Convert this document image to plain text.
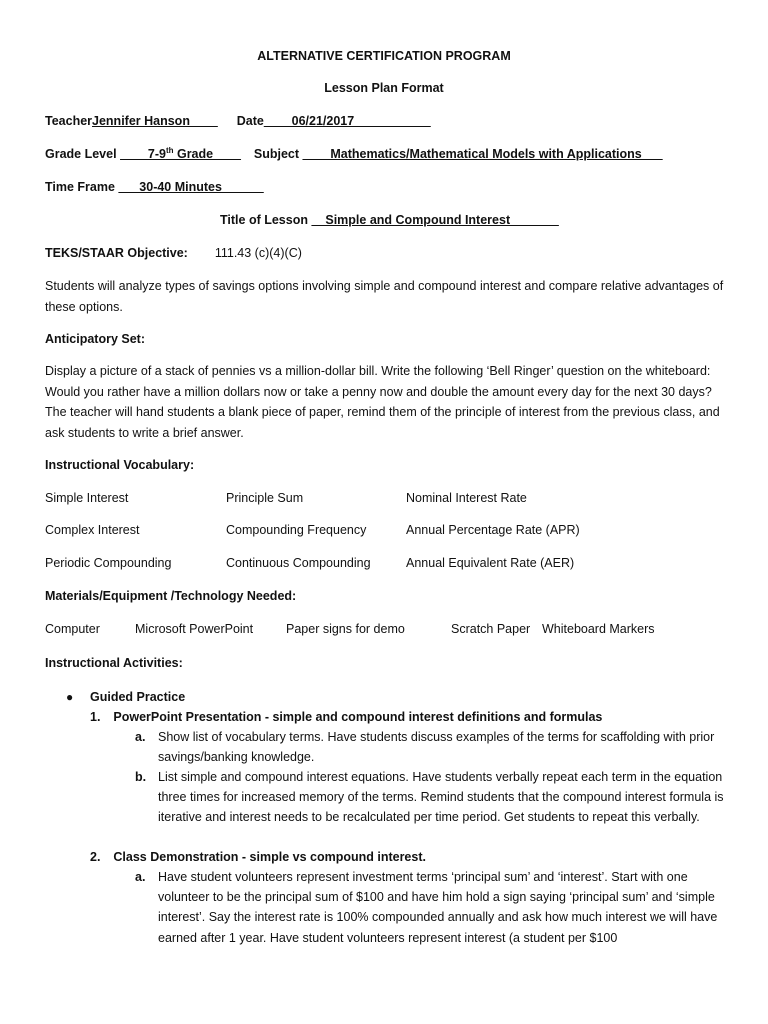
ALTERNATIVE CERTIFICATION PROGRAM
Lesson Plan Format
TeacherJennifer Hanson____ Date____06/21/2017___________
Grade Level ____7-9th Grade____ Subject ____Mathematics/Mathematical Models with Applications___
Time Frame ___30-40 Minutes______
Title of Lesson __Simple and Compound Interest_______
TEKS/STAAR Objective: 111.43 (c)(4)(C)
Students will analyze types of savings options involving simple and compound interest and compare relative advantages of these options.
Anticipatory Set:
Display a picture of a stack of pennies vs a million-dollar bill. Write the following ‘Bell Ringer’ question on the whiteboard: Would you rather have a million dollars now or take a penny now and double the amount every day for the next 30 days? The teacher will hand students a blank piece of paper, remind them of the principle of interest from the previous class, and ask students to write a brief answer.
Instructional Vocabulary:
Simple Interest	Principle Sum	Nominal Interest Rate
Complex Interest	Compounding Frequency	Annual Percentage Rate (APR)
Periodic Compounding	Continuous Compounding	Annual Equivalent Rate (AER)
Materials/Equipment /Technology Needed:
Computer	Microsoft PowerPoint	Paper signs for demo	Scratch Paper Whiteboard Markers
Instructional Activities:
● Guided Practice
1. PowerPoint Presentation - simple and compound interest definitions and formulas
a. Show list of vocabulary terms. Have students discuss examples of the terms for scaffolding with prior savings/banking knowledge.
b. List simple and compound interest equations. Have students verbally repeat each term in the equation three times for increased memory of the terms. Remind students that the compound interest formula is iterative and interest needs to be recalculated per time period. Get students to repeat this verbally.
2. Class Demonstration - simple vs compound interest.
a. Have student volunteers represent investment terms ‘principal sum’ and ‘interest’. Start with one volunteer to be the principal sum of $100 and have him hold a sign saying ‘principal sum’ and ‘simple interest’. Say the interest rate is 100% compounded annually and ask how much interest we will have earned after 1 year. Have student volunteers represent interest (a student per $100
